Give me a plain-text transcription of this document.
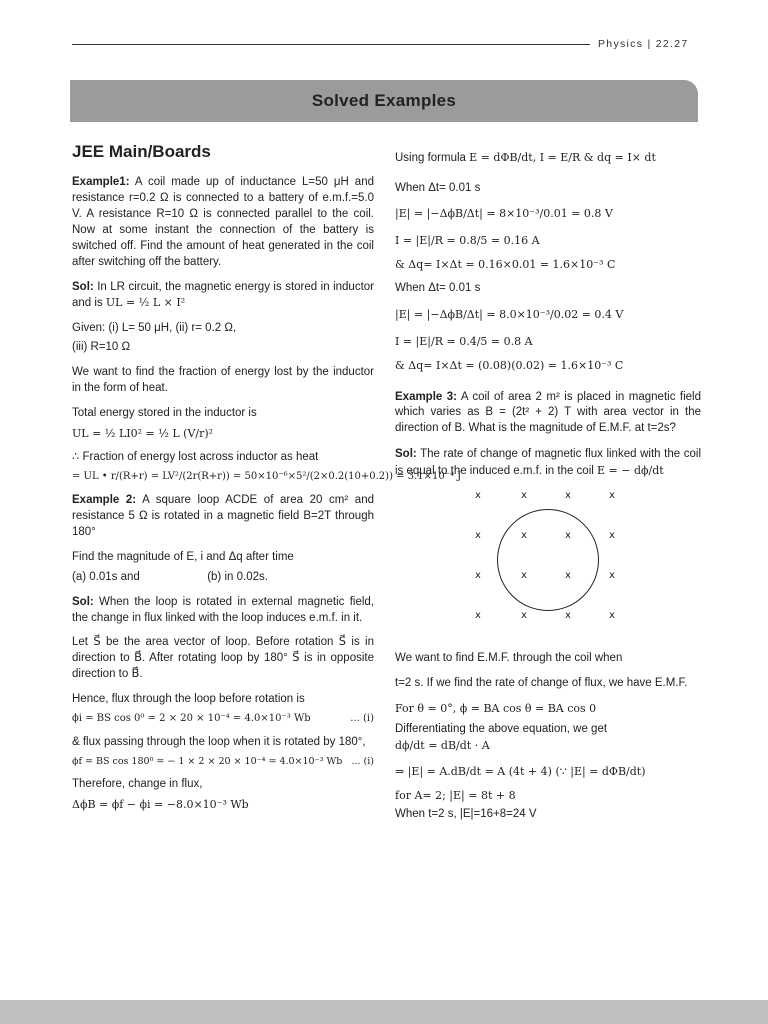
Physics | 22.27
Solved Examples
JEE Main/Boards

Example1: A coil made up of inductance L=50 μH and resistance r=0.2 Ω is connected to a battery of e.m.f.=5.0 V. A resistance R=10 Ω is connected parallel to the coil. Now at some instant the connection of the battery is switched off. Find the amount of heat generated in the coil after switching off the battery.

Sol: In LR circuit, the magnetic energy is stored in inductor and is UL = ½ L × I²

Given: (i) L= 50 μH, (ii) r= 0.2 Ω,

(iii) R=10 Ω

We want to find the fraction of energy lost by the inductor in the form of heat.

Total energy stored in the inductor is

UL = ½ LI0² = ½ L (V/r)²

∴ Fraction of energy lost across inductor as heat

= UL • r/(R+r) = LV²/(2r(R+r)) = 50×10⁻⁶×5²/(2×0.2(10+0.2)) = 3.1×10⁻⁴ J

Example 2: A square loop ACDE of area 20 cm² and resistance 5 Ω is rotated in a magnetic field B=2T through 180°

Find the magnitude of E, i and Δq after time

(a) 0.01s and	(b) in 0.02s.

Sol: When the loop is rotated in external magnetic field, the change in flux linked with the loop induces e.m.f. in it.

Let S⃗ be the area vector of loop. Before rotation S⃗ is in direction to B⃗. After rotating loop by 180° S⃗ is in opposite direction to B⃗.

Hence, flux through the loop before rotation is

ϕi = BS cos 0⁰ = 2 × 20 × 10⁻⁴ = 4.0×10⁻³ Wb	... (i)

& flux passing through the loop when it is rotated by 180°,

ϕf = BS cos 180⁰ = − 1 × 2 × 20 × 10⁻⁴ = 4.0×10⁻³ Wb ... (i)

Therefore, change in flux,

ΔϕB = ϕf − ϕi = −8.0×10⁻³ Wb

Using formula E = dΦB/dt, I = E/R & dq = I× dt

When Δt= 0.01 s

|E| = |−ΔϕB/Δt| = 8×10⁻³/0.01 = 0.8 V
I = |E|/R = 0.8/5 = 0.16 A
& Δq= I×Δt = 0.16×0.01 = 1.6×10⁻³ C

When Δt= 0.01 s

|E| = |−ΔϕB/Δt| = 8.0×10⁻³/0.02 = 0.4 V
I = |E|/R = 0.4/5 = 0.8 A
& Δq= I×Δt = (0.08)(0.02) = 1.6×10⁻³ C

Example 3: A coil of area 2 m² is placed in magnetic field which varies as B = (2t² + 2) T with area vector in the direction of B. What is the magnitude of E.M.F. at t=2s?

Sol: The rate of change of magnetic flux linked with the coil is equal to the induced e.m.f. in the coil E = − dϕ/dt

x	x	x	x
x	x	x	x
x	x	x	x
x	x	x	x

We want to find E.M.F. through the coil when

t=2 s. If we find the rate of change of flux, we have E.M.F.

For θ = 0°, ϕ = BA cos θ = BA cos 0

Differentiating the above equation, we get dϕ/dt = dB/dt · A

⇒ |E| = A.dB/dt = A (4t + 4) (∵ |E| = dΦB/dt)

for A= 2; |E| = 8t + 8

When t=2 s, |E|=16+8=24 V
